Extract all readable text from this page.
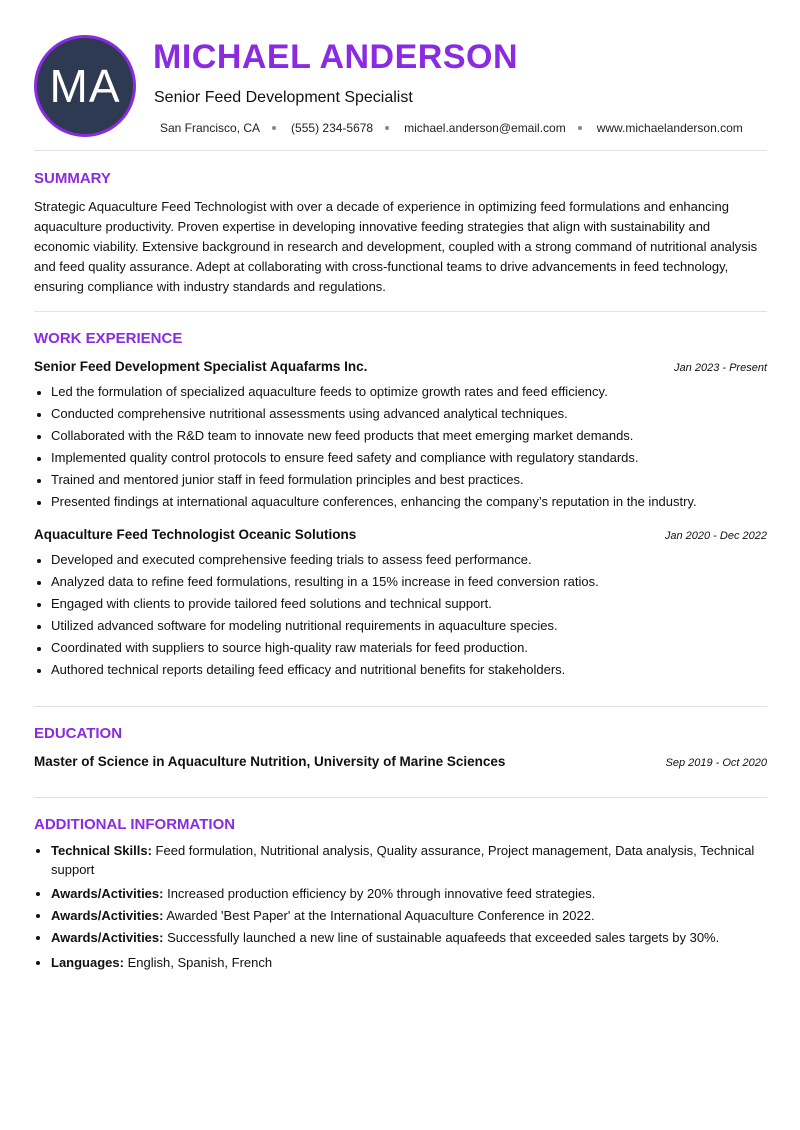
MA
MICHAEL ANDERSON
Senior Feed Development Specialist
San Francisco, CA	(555) 234-5678	michael.anderson@email.com	www.michaelanderson.com
SUMMARY

Strategic Aquaculture Feed Technologist with over a decade of experience in optimizing feed formulations and enhancing aquaculture productivity. Proven expertise in developing innovative feeding strategies that align with sustainability and economic viability. Extensive background in research and development, coupled with a strong command of nutritional analysis and feed quality assurance. Adept at collaborating with cross-functional teams to drive advancements in feed technology, ensuring compliance with industry standards and regulations.

WORK EXPERIENCE
Senior Feed Development Specialist Aquafarms Inc.	Jan 2023 - Present
• Led the formulation of specialized aquaculture feeds to optimize growth rates and feed efficiency.
• Conducted comprehensive nutritional assessments using advanced analytical techniques.
• Collaborated with the R&D team to innovate new feed products that meet emerging market demands.
• Implemented quality control protocols to ensure feed safety and compliance with regulatory standards.
• Trained and mentored junior staff in feed formulation principles and best practices.
• Presented findings at international aquaculture conferences, enhancing the company’s reputation in the industry.
Aquaculture Feed Technologist Oceanic Solutions	Jan 2020 - Dec 2022
• Developed and executed comprehensive feeding trials to assess feed performance.
• Analyzed data to refine feed formulations, resulting in a 15% increase in feed conversion ratios.
• Engaged with clients to provide tailored feed solutions and technical support.
• Utilized advanced software for modeling nutritional requirements in aquaculture species.
• Coordinated with suppliers to source high-quality raw materials for feed production.
• Authored technical reports detailing feed efficacy and nutritional benefits for stakeholders.
EDUCATION
Master of Science in Aquaculture Nutrition, University of Marine Sciences	Sep 2019 - Oct 2020
ADDITIONAL INFORMATION
• Technical Skills: Feed formulation, Nutritional analysis, Quality assurance, Project management, Data analysis, Technical support
• Awards/Activities: Increased production efficiency by 20% through innovative feed strategies.
• Awards/Activities: Awarded 'Best Paper' at the International Aquaculture Conference in 2022.
• Awards/Activities: Successfully launched a new line of sustainable aquafeeds that exceeded sales targets by 30%.
• Languages: English, Spanish, French
